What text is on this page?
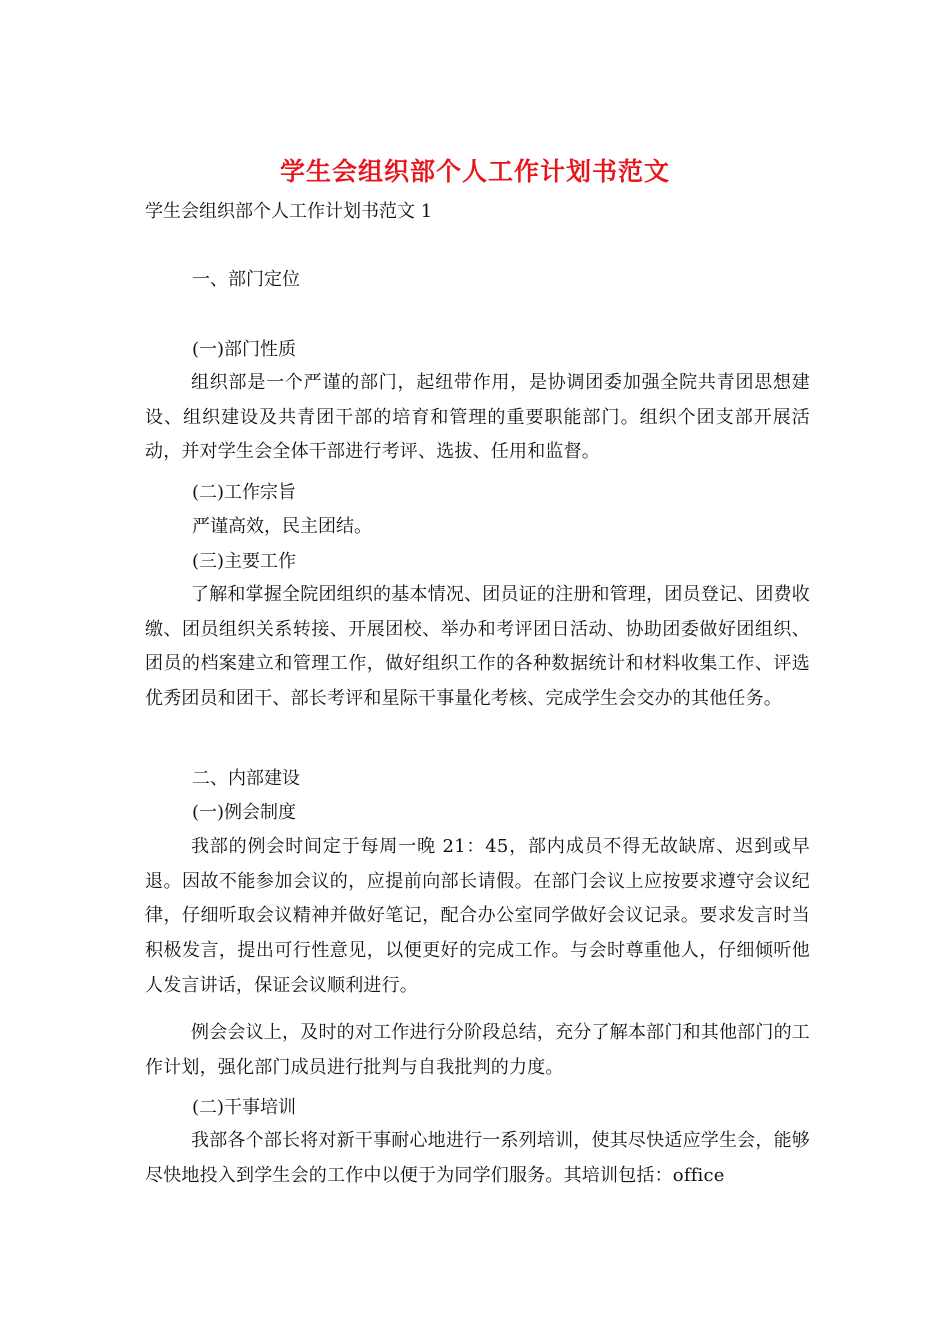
学生会组织部个人工作计划书范文
学生会组织部个人工作计划书范文 1
一、部门定位
(一)部门性质

组织部是一个严谨的部门，起纽带作用，是协调团委加强全院共青团思想建设、组织建设及共青团干部的培育和管理的重要职能部门。组织个团支部开展活动，并对学生会全体干部进行考评、选拔、任用和监督。

(二)工作宗旨
严谨高效，民主团结。
(三)主要工作

了解和掌握全院团组织的基本情况、团员证的注册和管理，团员登记、团费收缴、团员组织关系转接、开展团校、举办和考评团日活动、协助团委做好团组织、团员的档案建立和管理工作，做好组织工作的各种数据统计和材料收集工作、评选优秀团员和团干、部长考评和星际干事量化考核、完成学生会交办的其他任务。

二、内部建设
(一)例会制度

我部的例会时间定于每周一晚 21：45，部内成员不得无故缺席、迟到或早退。因故不能参加会议的，应提前向部长请假。在部门会议上应按要求遵守会议纪律，仔细听取会议精神并做好笔记，配合办公室同学做好会议记录。要求发言时当积极发言，提出可行性意见，以便更好的完成工作。与会时尊重他人，仔细倾听他人发言讲话，保证会议顺利进行。

例会会议上，及时的对工作进行分阶段总结，充分了解本部门和其他部门的工作计划，强化部门成员进行批判与自我批判的力度。

(二)干事培训

我部各个部长将对新干事耐心地进行一系列培训，使其尽快适应学生会，能够尽快地投入到学生会的工作中以便于为同学们服务。其培训包括：office
